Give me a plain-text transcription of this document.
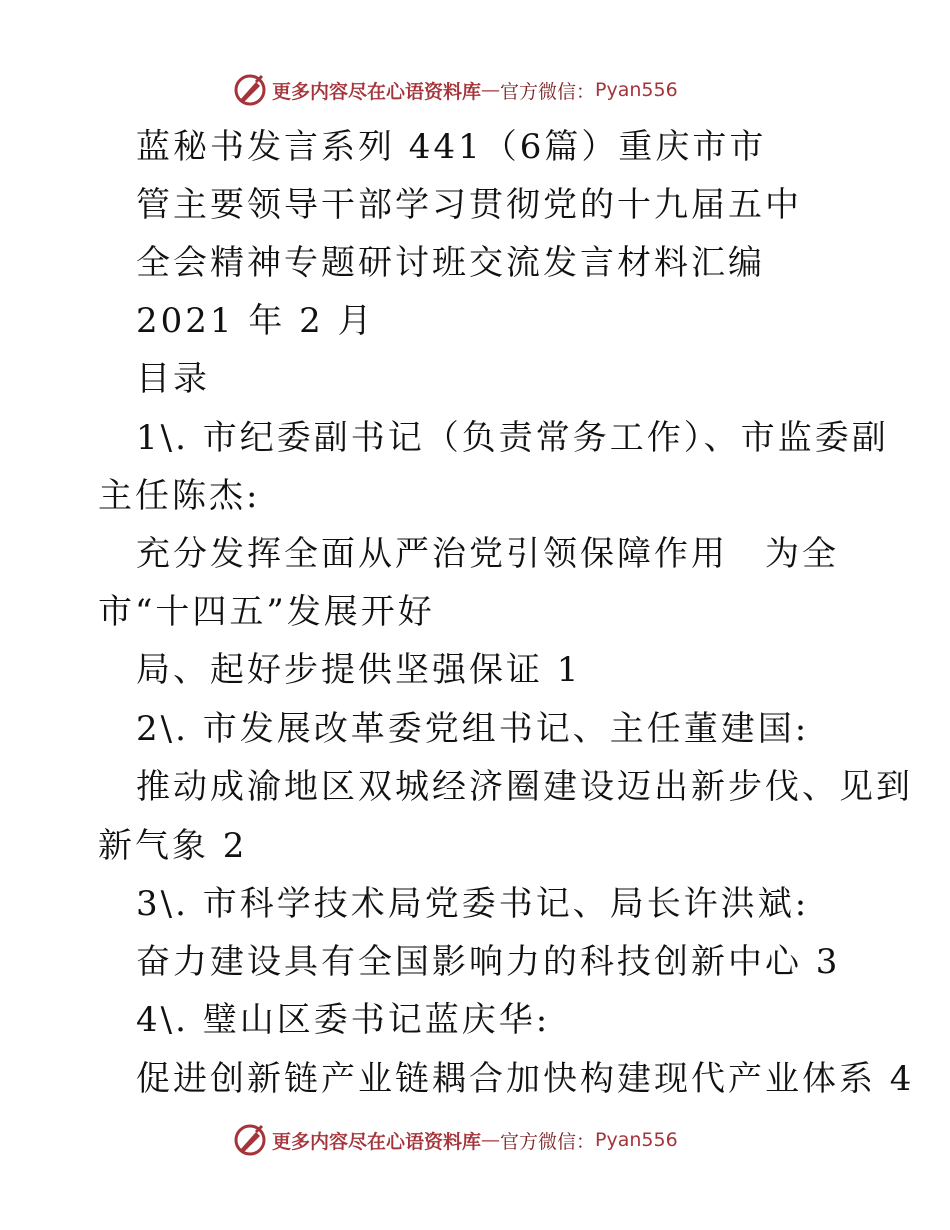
更多内容尽在心语资料库 — 官方微信： Pyan556
蓝秘书发言系列 441（6篇）重庆市市
管主要领导干部学习贯彻党的十九届五中
全会精神专题研讨班交流发言材料汇编
2021 年 2 月
目录
1\. 市纪委副书记（负责常务工作）、市监委副
主任陈杰:
充分发挥全面从严治党引领保障作用　为全
市“十四五”发展开好
局、起好步提供坚强保证 1
2\. 市发展改革委党组书记、主任董建国:
推动成渝地区双城经济圈建设迈出新步伐、见到
新气象 2
3\. 市科学技术局党委书记、局长许洪斌:
奋力建设具有全国影响力的科技创新中心 3
4\. 璧山区委书记蓝庆华:
促进创新链产业链耦合加快构建现代产业体系 4
更多内容尽在心语资料库 — 官方微信： Pyan556
